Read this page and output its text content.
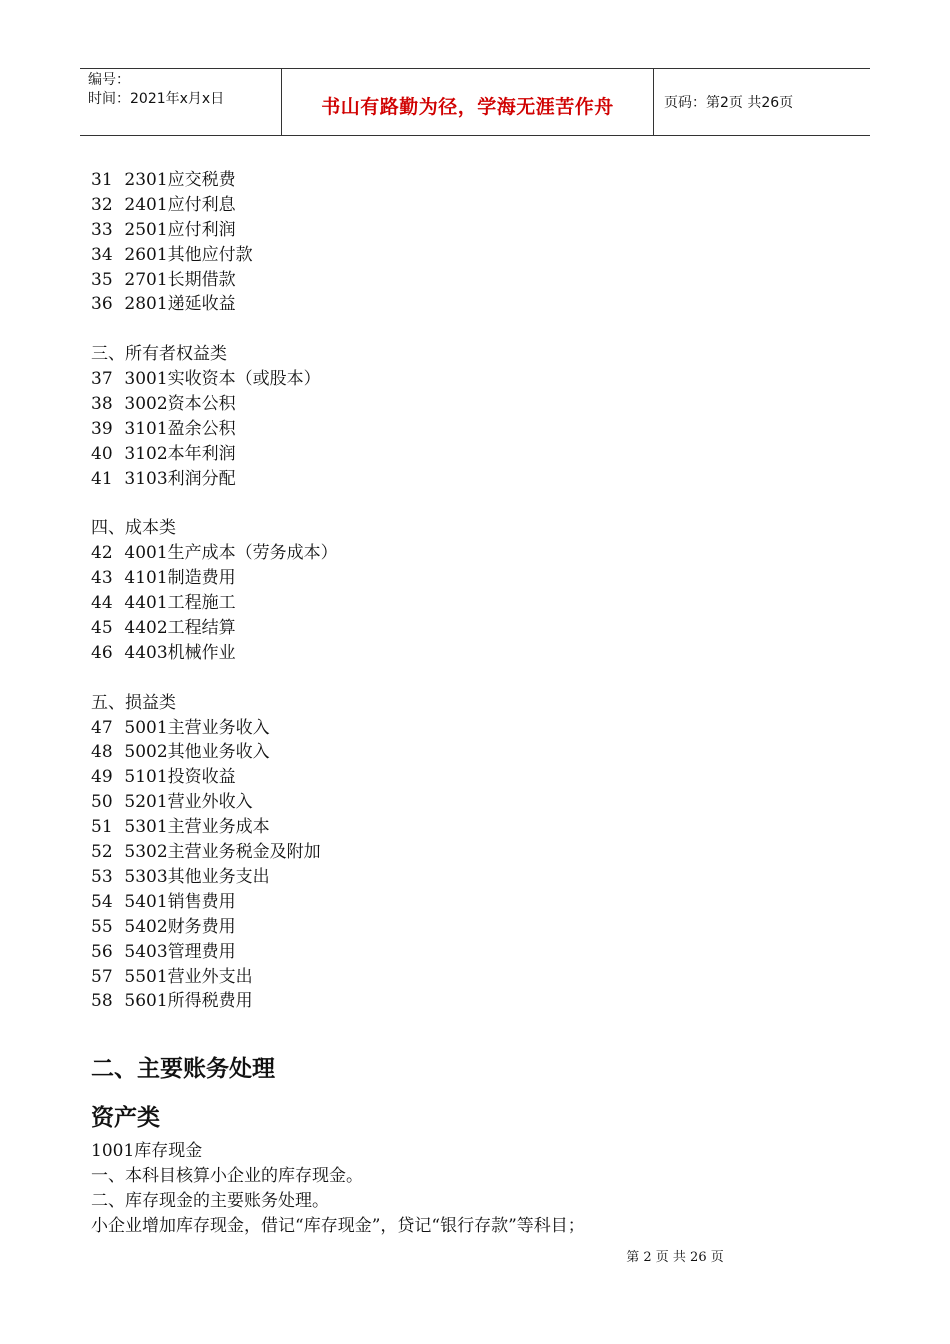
编号：
时间：2021年x月x日	书山有路勤为径，学海无涯苦作舟	页码：第2页 共26页
31 2301应交税费
32 2401应付利息
33 2501应付利润
34 2601其他应付款
35 2701长期借款
36 2801递延收益
三、所有者权益类
37 3001实收资本（或股本）
38 3002资本公积
39 3101盈余公积
40 3102本年利润
41 3103利润分配
四、成本类
42 4001生产成本（劳务成本）
43 4101制造费用
44 4401工程施工
45 4402工程结算
46 4403机械作业
五、损益类
47 5001主营业务收入
48 5002其他业务收入
49 5101投资收益
50 5201营业外收入
51 5301主营业务成本
52 5302主营业务税金及附加
53 5303其他业务支出
54 5401销售费用
55 5402财务费用
56 5403管理费用
57 5501营业外支出
58 5601所得税费用
二、主要账务处理
资产类
1001库存现金
一、本科目核算小企业的库存现金。
二、库存现金的主要账务处理。
小企业增加库存现金，借记“库存现金”，贷记“银行存款”等科目；
第 2 页 共 26 页
